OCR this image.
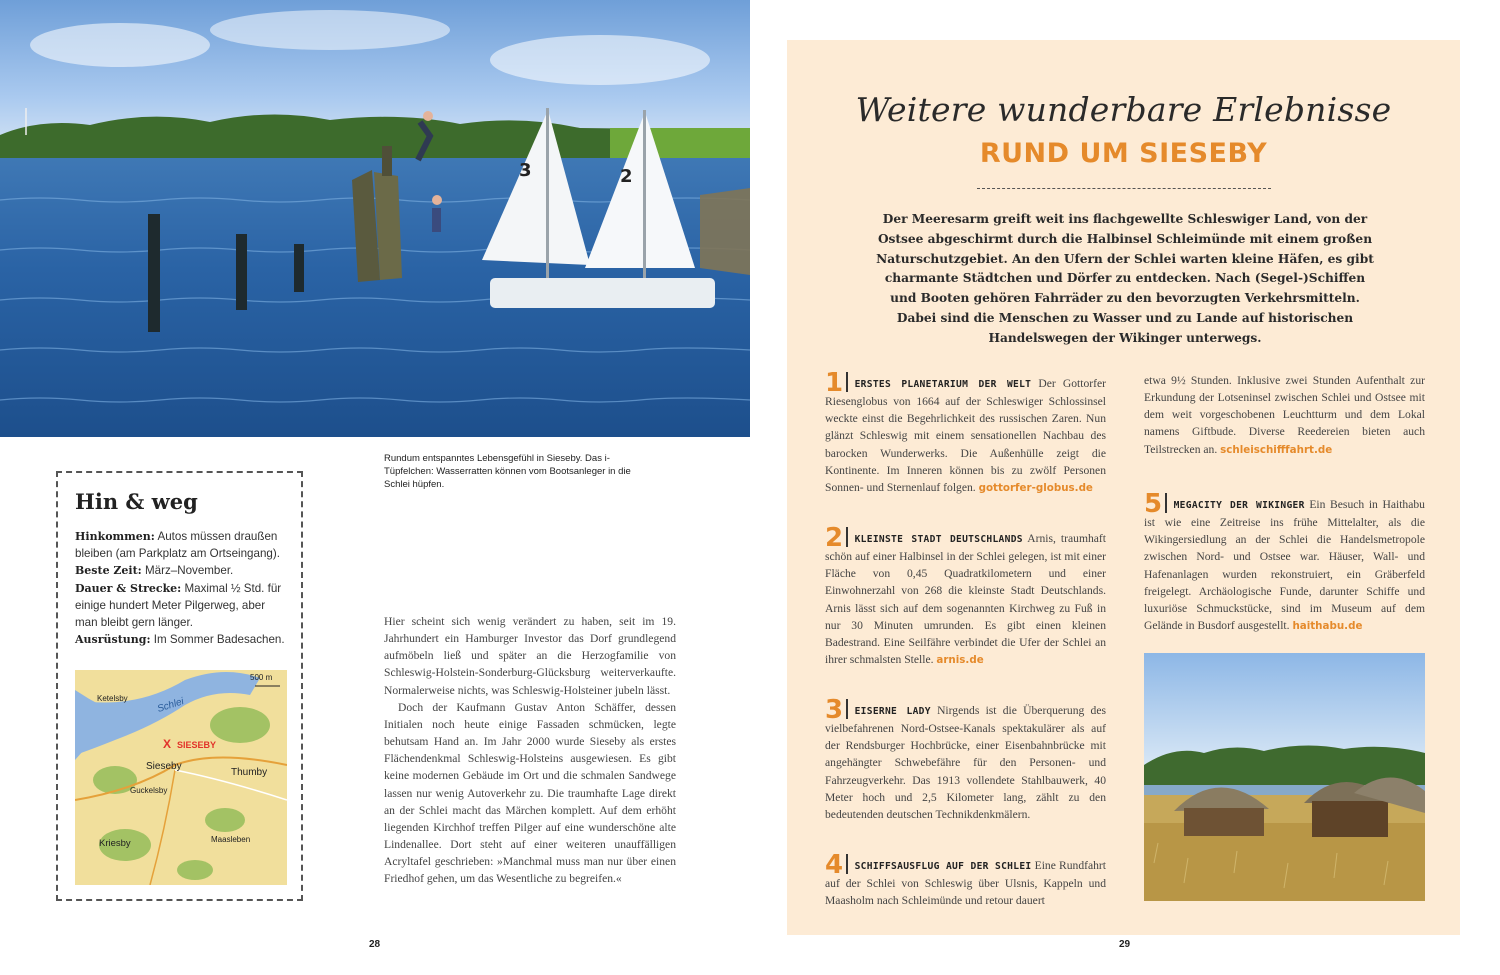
3	2
Rundum entspanntes Lebensgefühl in Sieseby. Das i-Tüpfelchen: Wasserratten können vom Bootsanleger in die Schlei hüpfen.
Hin & weg
Hinkommen: Autos müssen draußen bleiben (am Parkplatz am Ortseingang).
Beste Zeit: März–November.
Dauer & Strecke: Maximal ½ Std. für einige hundert Meter Pilgerweg, aber man bleibt gern länger.
Ausrüstung: Im Sommer Badesachen.
500 m
Schlei
Ketelsby
X SIESEBY
Sieseby
Thumby
Guckelsby
Kriesby	Maasleben

Hier scheint sich wenig verändert zu haben, seit im 19. Jahrhundert ein Hamburger Investor das Dorf grundlegend aufmöbeln ließ und später an die Herzogfamilie von Schleswig-Holstein-Sonderburg-Glücksburg weiterverkaufte. Normalerweise nichts, was Schleswig-Holsteiner jubeln lässt.

Doch der Kaufmann Gustav Anton Schäffer, dessen Initialen noch heute einige Fassaden schmücken, legte behutsam Hand an. Im Jahr 2000 wurde Sieseby als erstes Flächendenkmal Schleswig-Holsteins ausgewiesen. Es gibt keine modernen Gebäude im Ort und die schmalen Sandwege lassen nur wenig Autoverkehr zu. Die traumhafte Lage direkt an der Schlei macht das Märchen komplett. Auf dem erhöht liegenden Kirchhof treffen Pilger auf eine wunderschöne alte Lindenallee. Dort steht auf einer weiteren unauffälligen Acryltafel geschrieben: »Manchmal muss man nur über einen Friedhof gehen, um das Wesentliche zu begreifen.«

28
Weitere wunderbare Erlebnisse
RUND UM SIESEBY
Der Meeresarm greift weit ins flachgewellte Schleswiger Land, von der Ostsee abgeschirmt durch die Halbinsel Schleimünde mit einem großen Naturschutzgebiet. An den Ufern der Schlei warten kleine Häfen, es gibt charmante Städtchen und Dörfer zu entdecken. Nach (Segel-)Schiffen und Booten gehören Fahrräder zu den bevorzugten Verkehrsmitteln. Dabei sind die Menschen zu Wasser und zu Lande auf historischen Handelswegen der Wikinger unterwegs.
1 ERSTES PLANETARIUM DER WELT Der Gottorfer Riesenglobus von 1664 auf der Schleswiger Schlossinsel weckte einst die Begehrlichkeit des russischen Zaren. Nun glänzt Schleswig mit einem sensationellen Nachbau des barocken Wunderwerks. Die Außenhülle zeigt die Kontinente. Im Inneren können bis zu zwölf Personen Sonnen- und Sternenlauf folgen. gottorfer-globus.de
2 KLEINSTE STADT DEUTSCHLANDS Arnis, traumhaft schön auf einer Halbinsel in der Schlei gelegen, ist mit einer Fläche von 0,45 Quadratkilometern und einer Einwohnerzahl von 268 die kleinste Stadt Deutschlands. Arnis lässt sich auf dem sogenannten Kirchweg zu Fuß in nur 30 Minuten umrunden. Es gibt einen kleinen Badestrand. Eine Seilfähre verbindet die Ufer der Schlei an ihrer schmalsten Stelle. arnis.de
3 EISERNE LADY Nirgends ist die Überquerung des vielbefahrenen Nord-Ostsee-Kanals spektakulärer als auf der Rendsburger Hochbrücke, einer Eisenbahnbrücke mit angehängter Schwebefähre für den Personen- und Fahrzeugverkehr. Das 1913 vollendete Stahlbauwerk, 40 Meter hoch und 2,5 Kilometer lang, zählt zu den bedeutenden deutschen Technikdenkmälern.
4 SCHIFFSAUSFLUG AUF DER SCHLEI Eine Rundfahrt auf der Schlei von Schleswig über Ulsnis, Kappeln und Maasholm nach Schleimünde und retour dauert
etwa 9½ Stunden. Inklusive zwei Stunden Aufenthalt zur Erkundung der Lotseninsel zwischen Schlei und Ostsee mit dem weit vorgeschobenen Leuchtturm und dem Lokal namens Giftbude. Diverse Reedereien bieten auch Teilstrecken an. schleischifffahrt.de
5 MEGACITY DER WIKINGER Ein Besuch in Haithabu ist wie eine Zeitreise ins frühe Mittelalter, als die Wikingersiedlung an der Schlei die Handelsmetropole zwischen Nord- und Ostsee war. Häuser, Wall- und Hafenanlagen wurden rekonstruiert, ein Gräberfeld freigelegt. Archäologische Funde, darunter Schiffe und luxuriöse Schmuckstücke, sind im Museum auf dem Gelände in Busdorf ausgestellt. haithabu.de
29
